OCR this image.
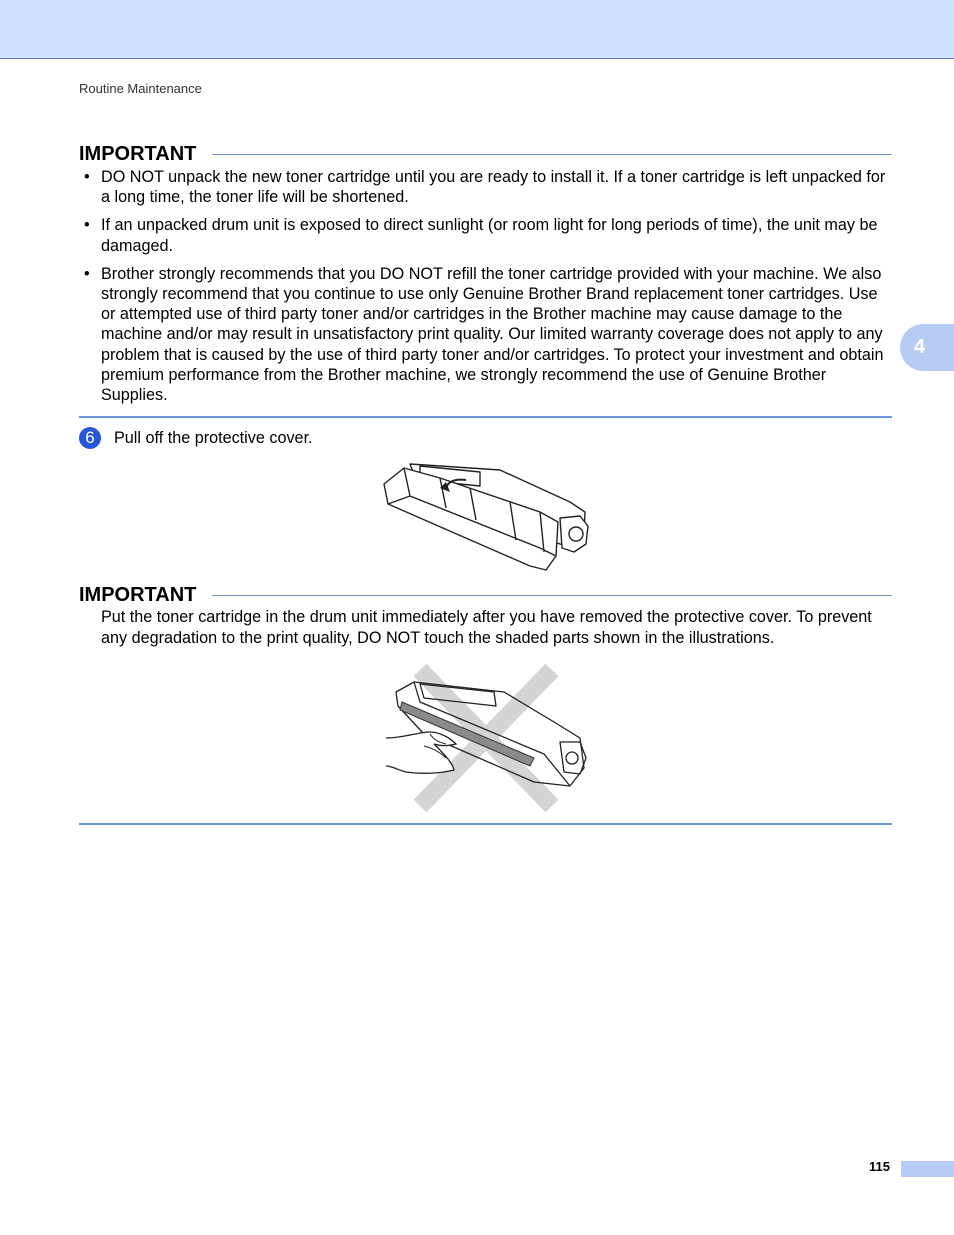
Routine Maintenance
4
IMPORTANT
• DO NOT unpack the new toner cartridge until you are ready to install it. If a toner cartridge is left unpacked for a long time, the toner life will be shortened.
• If an unpacked drum unit is exposed to direct sunlight (or room light for long periods of time), the unit may be damaged.
• Brother strongly recommends that you DO NOT refill the toner cartridge provided with your machine. We also strongly recommend that you continue to use only Genuine Brother Brand replacement toner cartridges. Use or attempted use of third party toner and/or cartridges in the Brother machine may cause damage to the machine and/or may result in unsatisfactory print quality. Our limited warranty coverage does not apply to any problem that is caused by the use of third party toner and/or cartridges. To protect your investment and obtain premium performance from the Brother machine, we strongly recommend the use of Genuine Brother Supplies.
6	Pull off the protective cover.
IMPORTANT
Put the toner cartridge in the drum unit immediately after you have removed the protective cover. To prevent any degradation to the print quality, DO NOT touch the shaded parts shown in the illustrations.
115
